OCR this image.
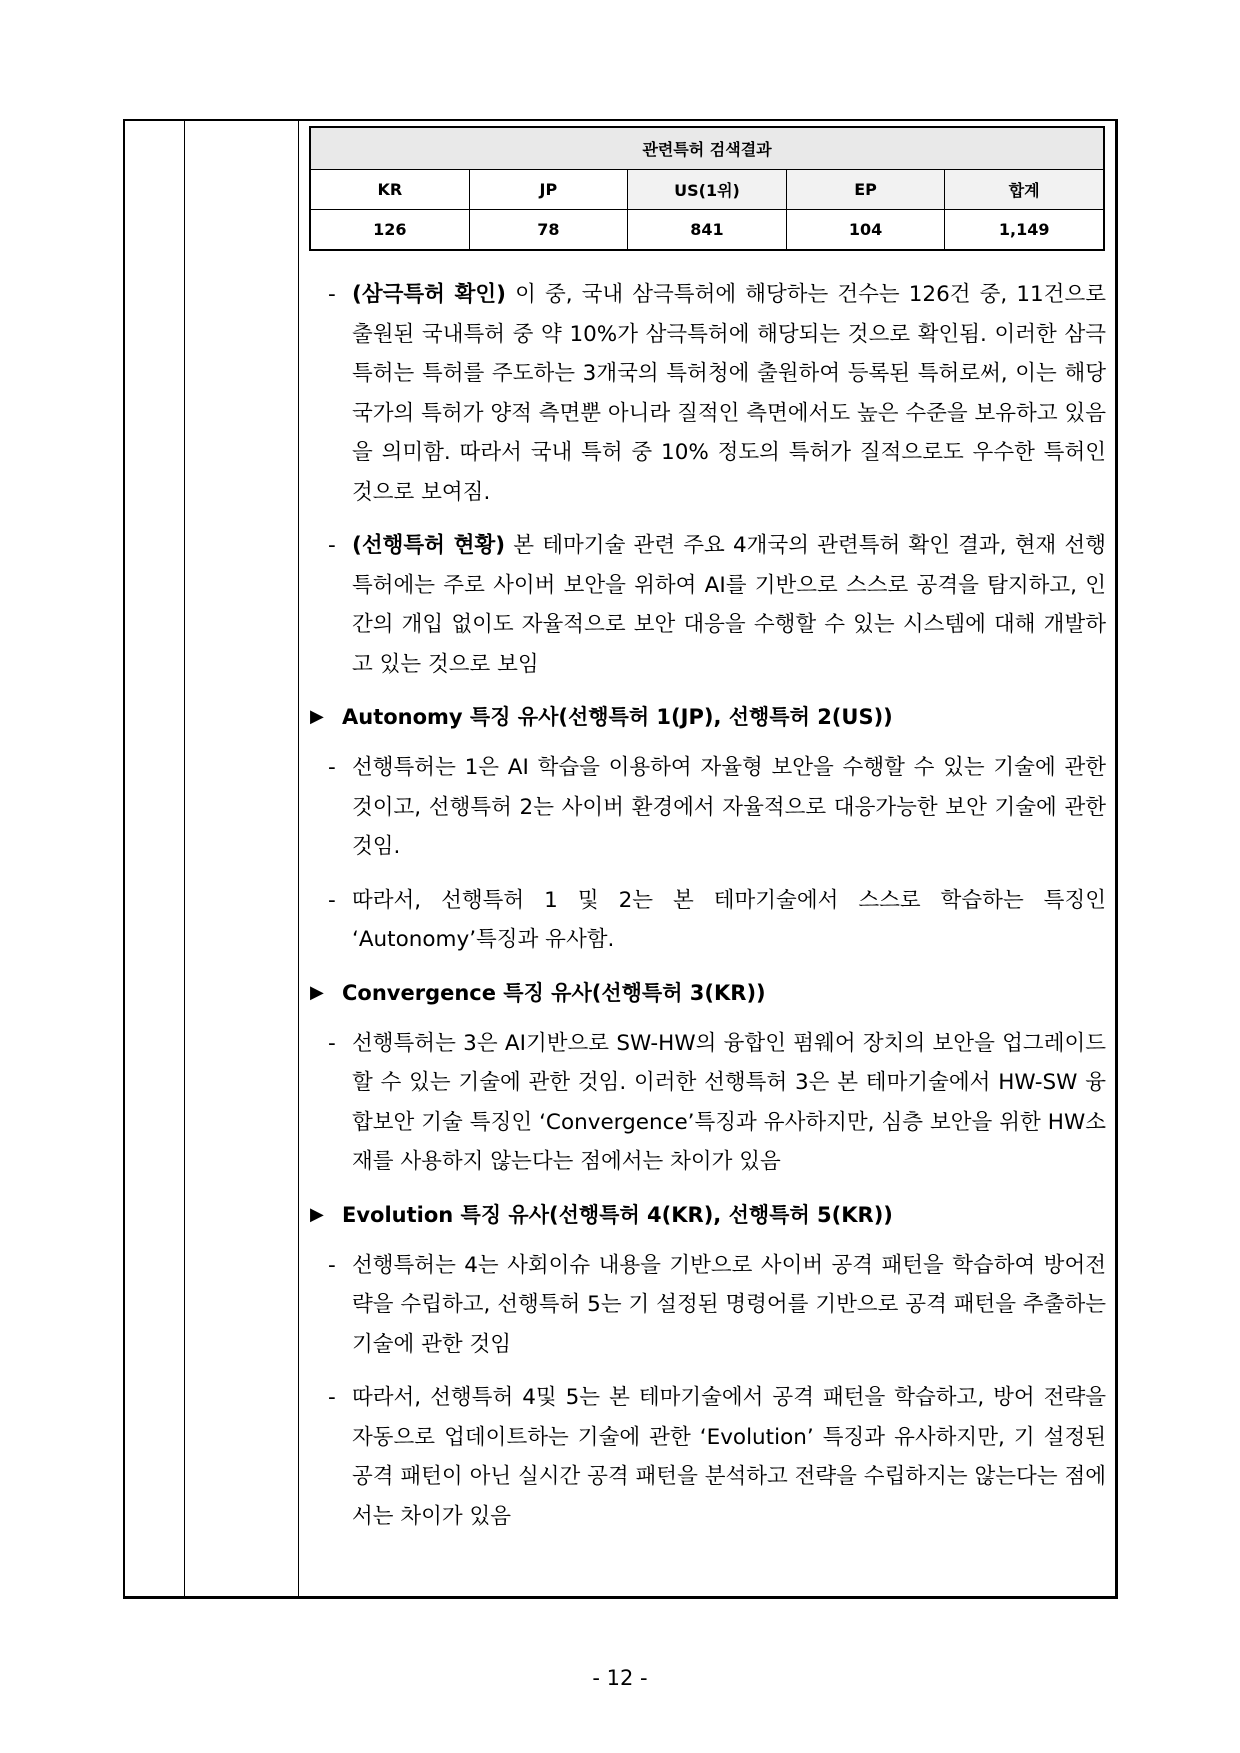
관련특허 검색결과				
KR	JP	US(1위)	EP	합계
126	78	841	104	1,149
- (삼극특허 확인) 이 중, 국내 삼극특허에 해당하는 건수는 126건 중, 11건으로 출원된 국내특허 중 약 10%가 삼극특허에 해당되는 것으로 확인됨. 이러한 삼극특허는 특허를 주도하는 3개국의 특허청에 출원하여 등록된 특허로써, 이는 해당국가의 특허가 양적 측면뿐 아니라 질적인 측면에서도 높은 수준을 보유하고 있음을 의미함. 따라서 국내 특허 중 10% 정도의 특허가 질적으로도 우수한 특허인 것으로 보여짐.
- (선행특허 현황) 본 테마기술 관련 주요 4개국의 관련특허 확인 결과, 현재 선행특허에는 주로 사이버 보안을 위하여 AI를 기반으로 스스로 공격을 탐지하고, 인간의 개입 없이도 자율적으로 보안 대응을 수행할 수 있는 시스템에 대해 개발하고 있는 것으로 보임
▶ Autonomy 특징 유사(선행특허 1(JP), 선행특허 2(US))
- 선행특허는 1은 AI 학습을 이용하여 자율형 보안을 수행할 수 있는 기술에 관한 것이고, 선행특허 2는 사이버 환경에서 자율적으로 대응가능한 보안 기술에 관한 것임.
- 따라서, 선행특허 1 및 2는 본 테마기술에서 스스로 학습하는 특징인 ‘Autonomy’특징과 유사함.
▶ Convergence 특징 유사(선행특허 3(KR))
- 선행특허는 3은 AI기반으로 SW-HW의 융합인 펌웨어 장치의 보안을 업그레이드할 수 있는 기술에 관한 것임. 이러한 선행특허 3은 본 테마기술에서 HW-SW 융합보안 기술 특징인 ‘Convergence’특징과 유사하지만, 심층 보안을 위한 HW소재를 사용하지 않는다는 점에서는 차이가 있음
▶ Evolution 특징 유사(선행특허 4(KR), 선행특허 5(KR))
- 선행특허는 4는 사회이슈 내용을 기반으로 사이버 공격 패턴을 학습하여 방어전략을 수립하고, 선행특허 5는 기 설정된 명령어를 기반으로 공격 패턴을 추출하는 기술에 관한 것임
- 따라서, 선행특허 4및 5는 본 테마기술에서 공격 패턴을 학습하고, 방어 전략을 자동으로 업데이트하는 기술에 관한 ‘Evolution’ 특징과 유사하지만, 기 설정된 공격 패턴이 아닌 실시간 공격 패턴을 분석하고 전략을 수립하지는 않는다는 점에서는 차이가 있음
- 12 -
